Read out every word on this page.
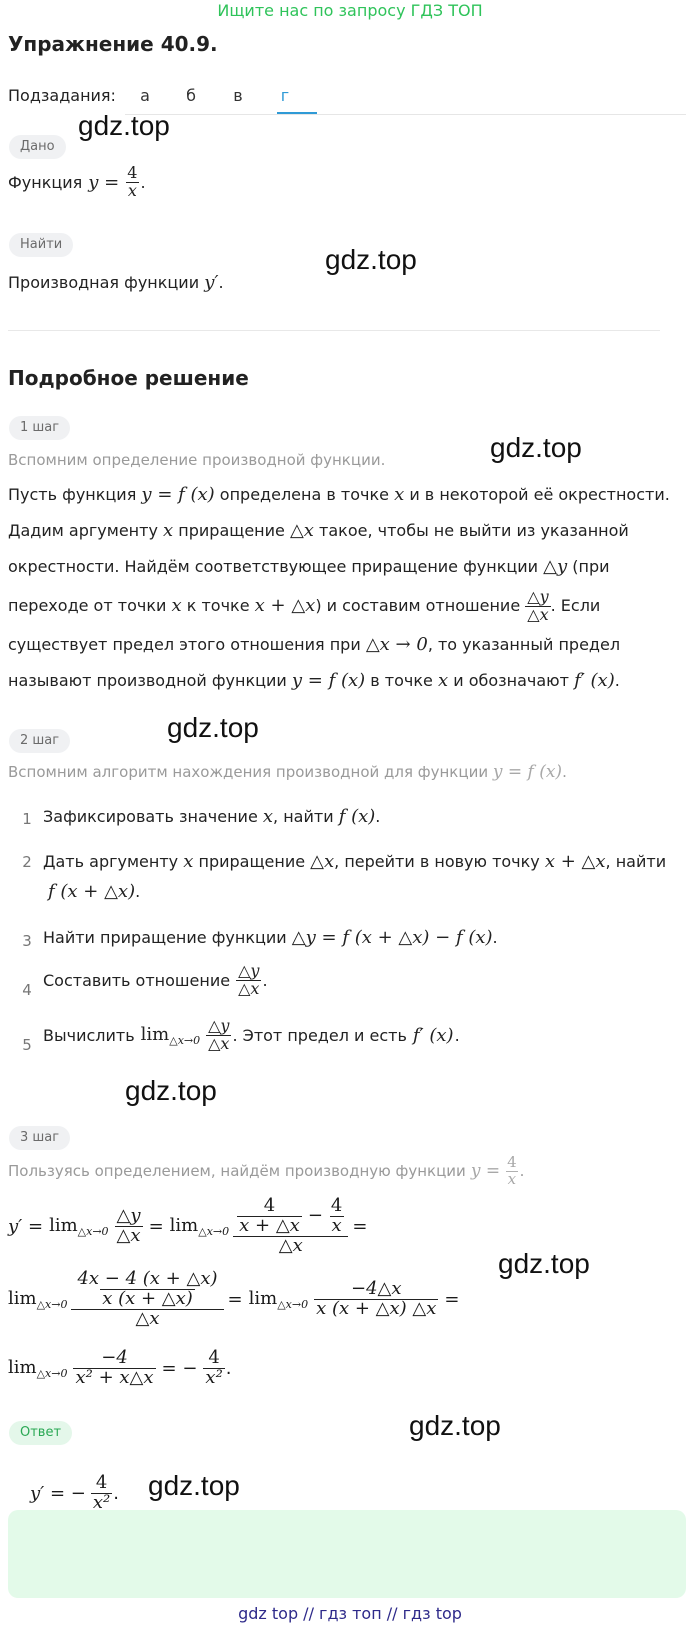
Ищите нас по запросу ГДЗ ТОП
Упражнение 40.9.
Подзадания:	а	б	в	г
gdz.top
gdz.top
gdz.top
gdz.top
gdz.top
gdz.top
gdz.top
gdz.top
Дано
Функция $y = \frac{4}{x}$ .
Найти
Производная функции y′.
Подробное решение
1 шаг
Вспомним определение производной функции.
Пусть функция y = f (x) определена в точке x и в некоторой её окрестности.
Дадим аргументу x приращение △x такое, чтобы не выйти из указанной
окрестности. Найдём соответствующее приращение функции △y (при
переходе от точки x к точке x + △x) и составим отношение $\frac{\triangle y}{\triangle x}$ . Если
существует предел этого отношения при △x → 0, то указанный предел
называют производной функции y = f (x) в точке x и обозначают f′ (x).
2 шаг
Вспомним алгоритм нахождения производной для функции y = f (x).
1 Зафиксировать значение x, найти f (x).
2 Дать аргументу x приращение △x, перейти в новую точку x + △x, найти
f (x + △x).
3 Найти приращение функции △y = f (x + △x) − f (x).
4
Составить отношение $\frac{\triangle y}{\triangle x}$ .
5
Вычислить $\lim_{\triangle x\to 0} \frac{\triangle y}{\triangle x}$ . Этот предел и есть f′ (x) .
3 шаг
Пользуясь определением, найдём производную функции $y = \frac{4}{x}$ .
$y' = \lim_{\triangle x\to 0} \frac{\triangle y}{\triangle x} = \lim_{\triangle x\to 0} \frac{\frac{4}{x + \triangle x} - \frac{4}{x}}{\triangle x}$ =
$\lim_{\triangle x\to 0} \frac{\frac{4x - 4 (x + \triangle x)}{x (x + \triangle x)}}{\triangle x} = \lim_{\triangle x\to 0} \frac{-4\triangle x}{x (x + \triangle x) \triangle x}$ =
$\lim_{\triangle x\to 0} \frac{-4}{\text{x² + x△x}}$ = − $\frac{4}{\text{x²}}$ .
Ответ
y′ = − $\frac{4}{\text{x²}}$ .
gdz top // гдз топ // гдз top
